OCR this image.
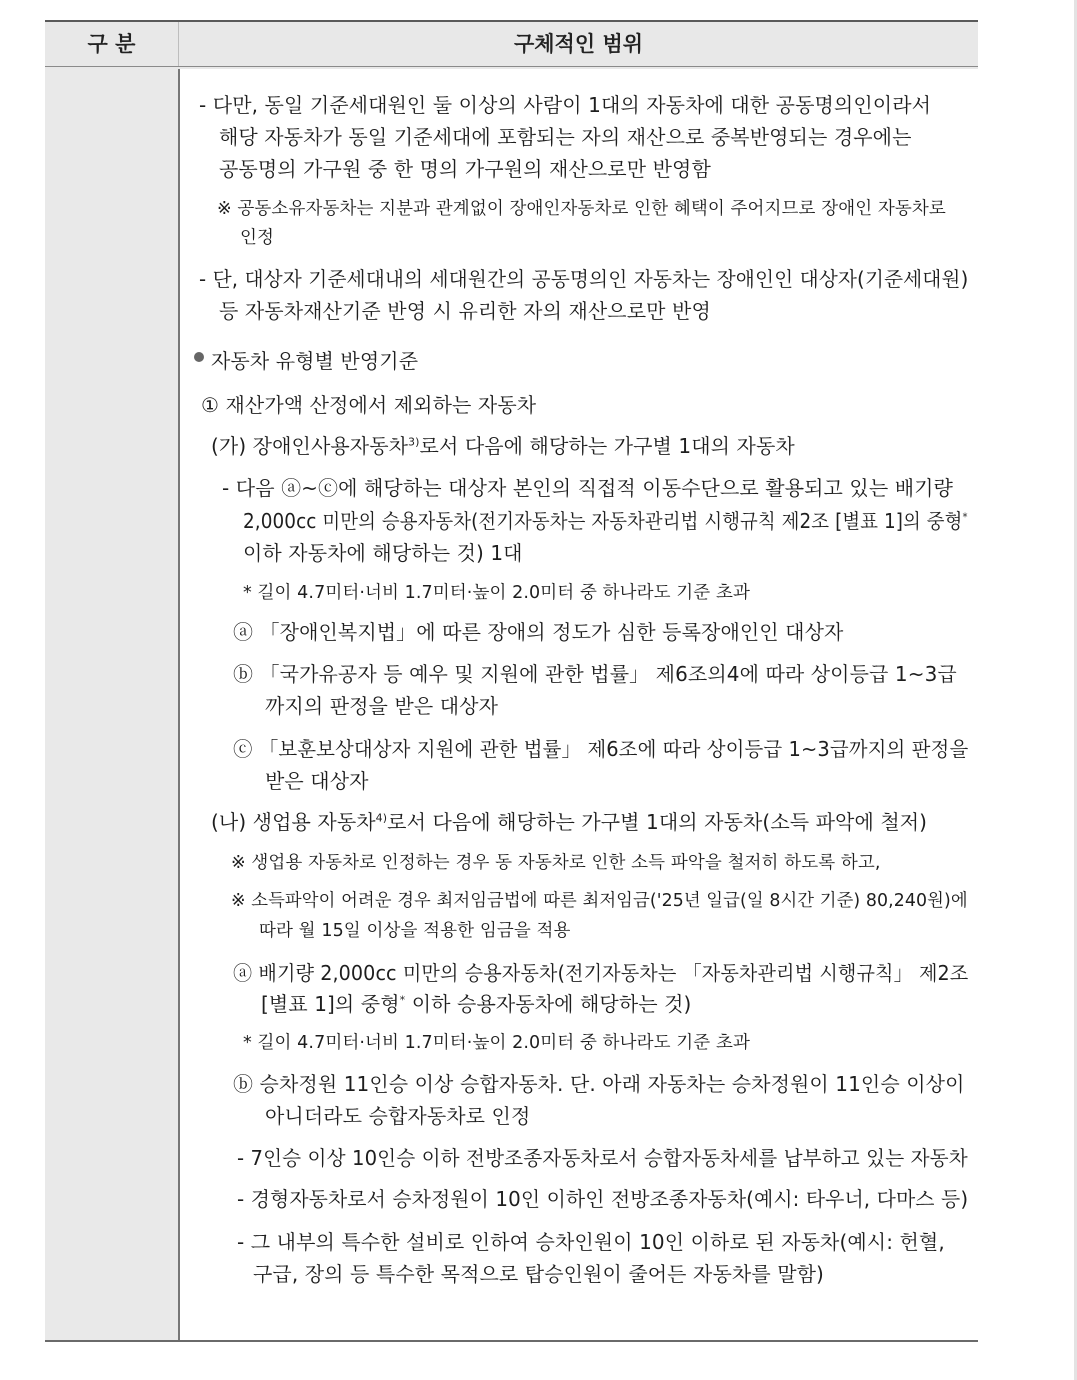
구 분	구체적인 범위
- 다만, 동일 기준세대원인 둘 이상의 사람이 1대의 자동차에 대한 공동명의인이라서
해당 자동차가 동일 기준세대에 포함되는 자의 재산으로 중복반영되는 경우에는
공동명의 가구원 중 한 명의 가구원의 재산으로만 반영함
※ 공동소유자동차는 지분과 관계없이 장애인자동차로 인한 혜택이 주어지므로 장애인 자동차로
인정
- 단, 대상자 기준세대내의 세대원간의 공동명의인 자동차는 장애인인 대상자(기준세대원)
등 자동차재산기준 반영 시 유리한 자의 재산으로만 반영
자동차 유형별 반영기준
① 재산가액 산정에서 제외하는 자동차
(가) 장애인사용자동차$^{3)}$로서 다음에 해당하는 가구별 1대의 자동차
- 다음 ⓐ~ⓒ에 해당하는 대상자 본인의 직접적 이동수단으로 활용되고 있는 배기량
2,000cc 미만의 승용자동차(전기자동차는 자동차관리법 시행규칙 제2조 [별표 1]의 중형*
이하 자동차에 해당하는 것) 1대
* 길이 4.7미터·너비 1.7미터·높이 2.0미터 중 하나라도 기준 초과
ⓐ 「장애인복지법」에 따른 장애의 정도가 심한 등록장애인인 대상자
ⓑ 「국가유공자 등 예우 및 지원에 관한 법률」 제6조의4에 따라 상이등급 1~3급
까지의 판정을 받은 대상자
ⓒ 「보훈보상대상자 지원에 관한 법률」 제6조에 따라 상이등급 1~3급까지의 판정을
받은 대상자
(나) 생업용 자동차$^{4)}$로서 다음에 해당하는 가구별 1대의 자동차(소득 파악에 철저)
※ 생업용 자동차로 인정하는 경우 동 자동차로 인한 소득 파악을 철저히 하도록 하고,
※ 소득파악이 어려운 경우 최저임금법에 따른 최저임금('25년 일급(일 8시간 기준) 80,240원)에
따라 월 15일 이상을 적용한 임금을 적용
ⓐ 배기량 2,000cc 미만의 승용자동차(전기자동차는 「자동차관리법 시행규칙」 제2조
[별표 1]의 중형* 이하 승용자동차에 해당하는 것)
* 길이 4.7미터·너비 1.7미터·높이 2.0미터 중 하나라도 기준 초과
ⓑ 승차정원 11인승 이상 승합자동차. 단. 아래 자동차는 승차정원이 11인승 이상이
아니더라도 승합자동차로 인정
- 7인승 이상 10인승 이하 전방조종자동차로서 승합자동차세를 납부하고 있는 자동차
- 경형자동차로서 승차정원이 10인 이하인 전방조종자동차(예시: 타우너, 다마스 등)
- 그 내부의 특수한 설비로 인하여 승차인원이 10인 이하로 된 자동차(예시: 헌혈,
구급, 장의 등 특수한 목적으로 탑승인원이 줄어든 자동차를 말함)
